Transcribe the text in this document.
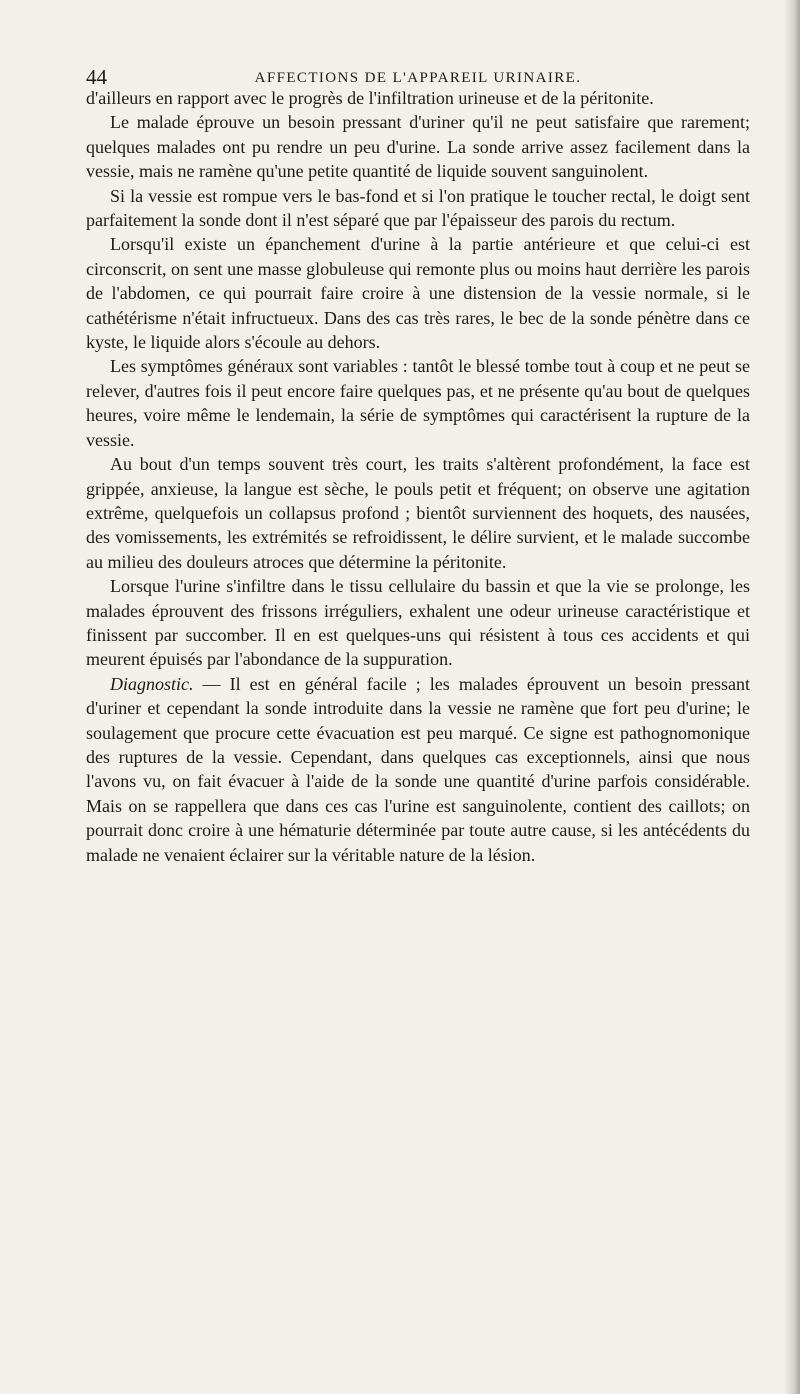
44	AFFECTIONS DE L'APPAREIL URINAIRE.

d'ailleurs en rapport avec le progrès de l'infiltration urineuse et de la péritonite.

Le malade éprouve un besoin pressant d'uriner qu'il ne peut satisfaire que rarement; quelques malades ont pu rendre un peu d'urine. La sonde arrive assez facilement dans la vessie, mais ne ramène qu'une petite quantité de liquide souvent sanguinolent.

Si la vessie est rompue vers le bas-fond et si l'on pratique le toucher rectal, le doigt sent parfaitement la sonde dont il n'est séparé que par l'épaisseur des parois du rectum.

Lorsqu'il existe un épanchement d'urine à la partie antérieure et que celui-ci est circonscrit, on sent une masse globuleuse qui remonte plus ou moins haut derrière les parois de l'abdomen, ce qui pourrait faire croire à une distension de la vessie normale, si le cathétérisme n'était infructueux. Dans des cas très rares, le bec de la sonde pénètre dans ce kyste, le liquide alors s'écoule au dehors.

Les symptômes généraux sont variables : tantôt le blessé tombe tout à coup et ne peut se relever, d'autres fois il peut encore faire quelques pas, et ne présente qu'au bout de quelques heures, voire même le lendemain, la série de symptômes qui caractérisent la rupture de la vessie.

Au bout d'un temps souvent très court, les traits s'altèrent profondément, la face est grippée, anxieuse, la langue est sèche, le pouls petit et fréquent; on observe une agitation extrême, quelquefois un collapsus profond ; bientôt surviennent des hoquets, des nausées, des vomissements, les extrémités se refroidissent, le délire survient, et le malade succombe au milieu des douleurs atroces que détermine la péritonite.

Lorsque l'urine s'infiltre dans le tissu cellulaire du bassin et que la vie se prolonge, les malades éprouvent des frissons irréguliers, exhalent une odeur urineuse caractéristique et finissent par succomber. Il en est quelques-uns qui résistent à tous ces accidents et qui meurent épuisés par l'abondance de la suppuration.

Diagnostic. — Il est en général facile ; les malades éprouvent un besoin pressant d'uriner et cependant la sonde introduite dans la vessie ne ramène que fort peu d'urine; le soulagement que procure cette évacuation est peu marqué. Ce signe est pathognomonique des ruptures de la vessie. Cependant, dans quelques cas exceptionnels, ainsi que nous l'avons vu, on fait évacuer à l'aide de la sonde une quantité d'urine parfois considérable. Mais on se rappellera que dans ces cas l'urine est sanguinolente, contient des caillots; on pourrait donc croire à une hématurie déterminée par toute autre cause, si les antécédents du malade ne venaient éclairer sur la véritable nature de la lésion.
